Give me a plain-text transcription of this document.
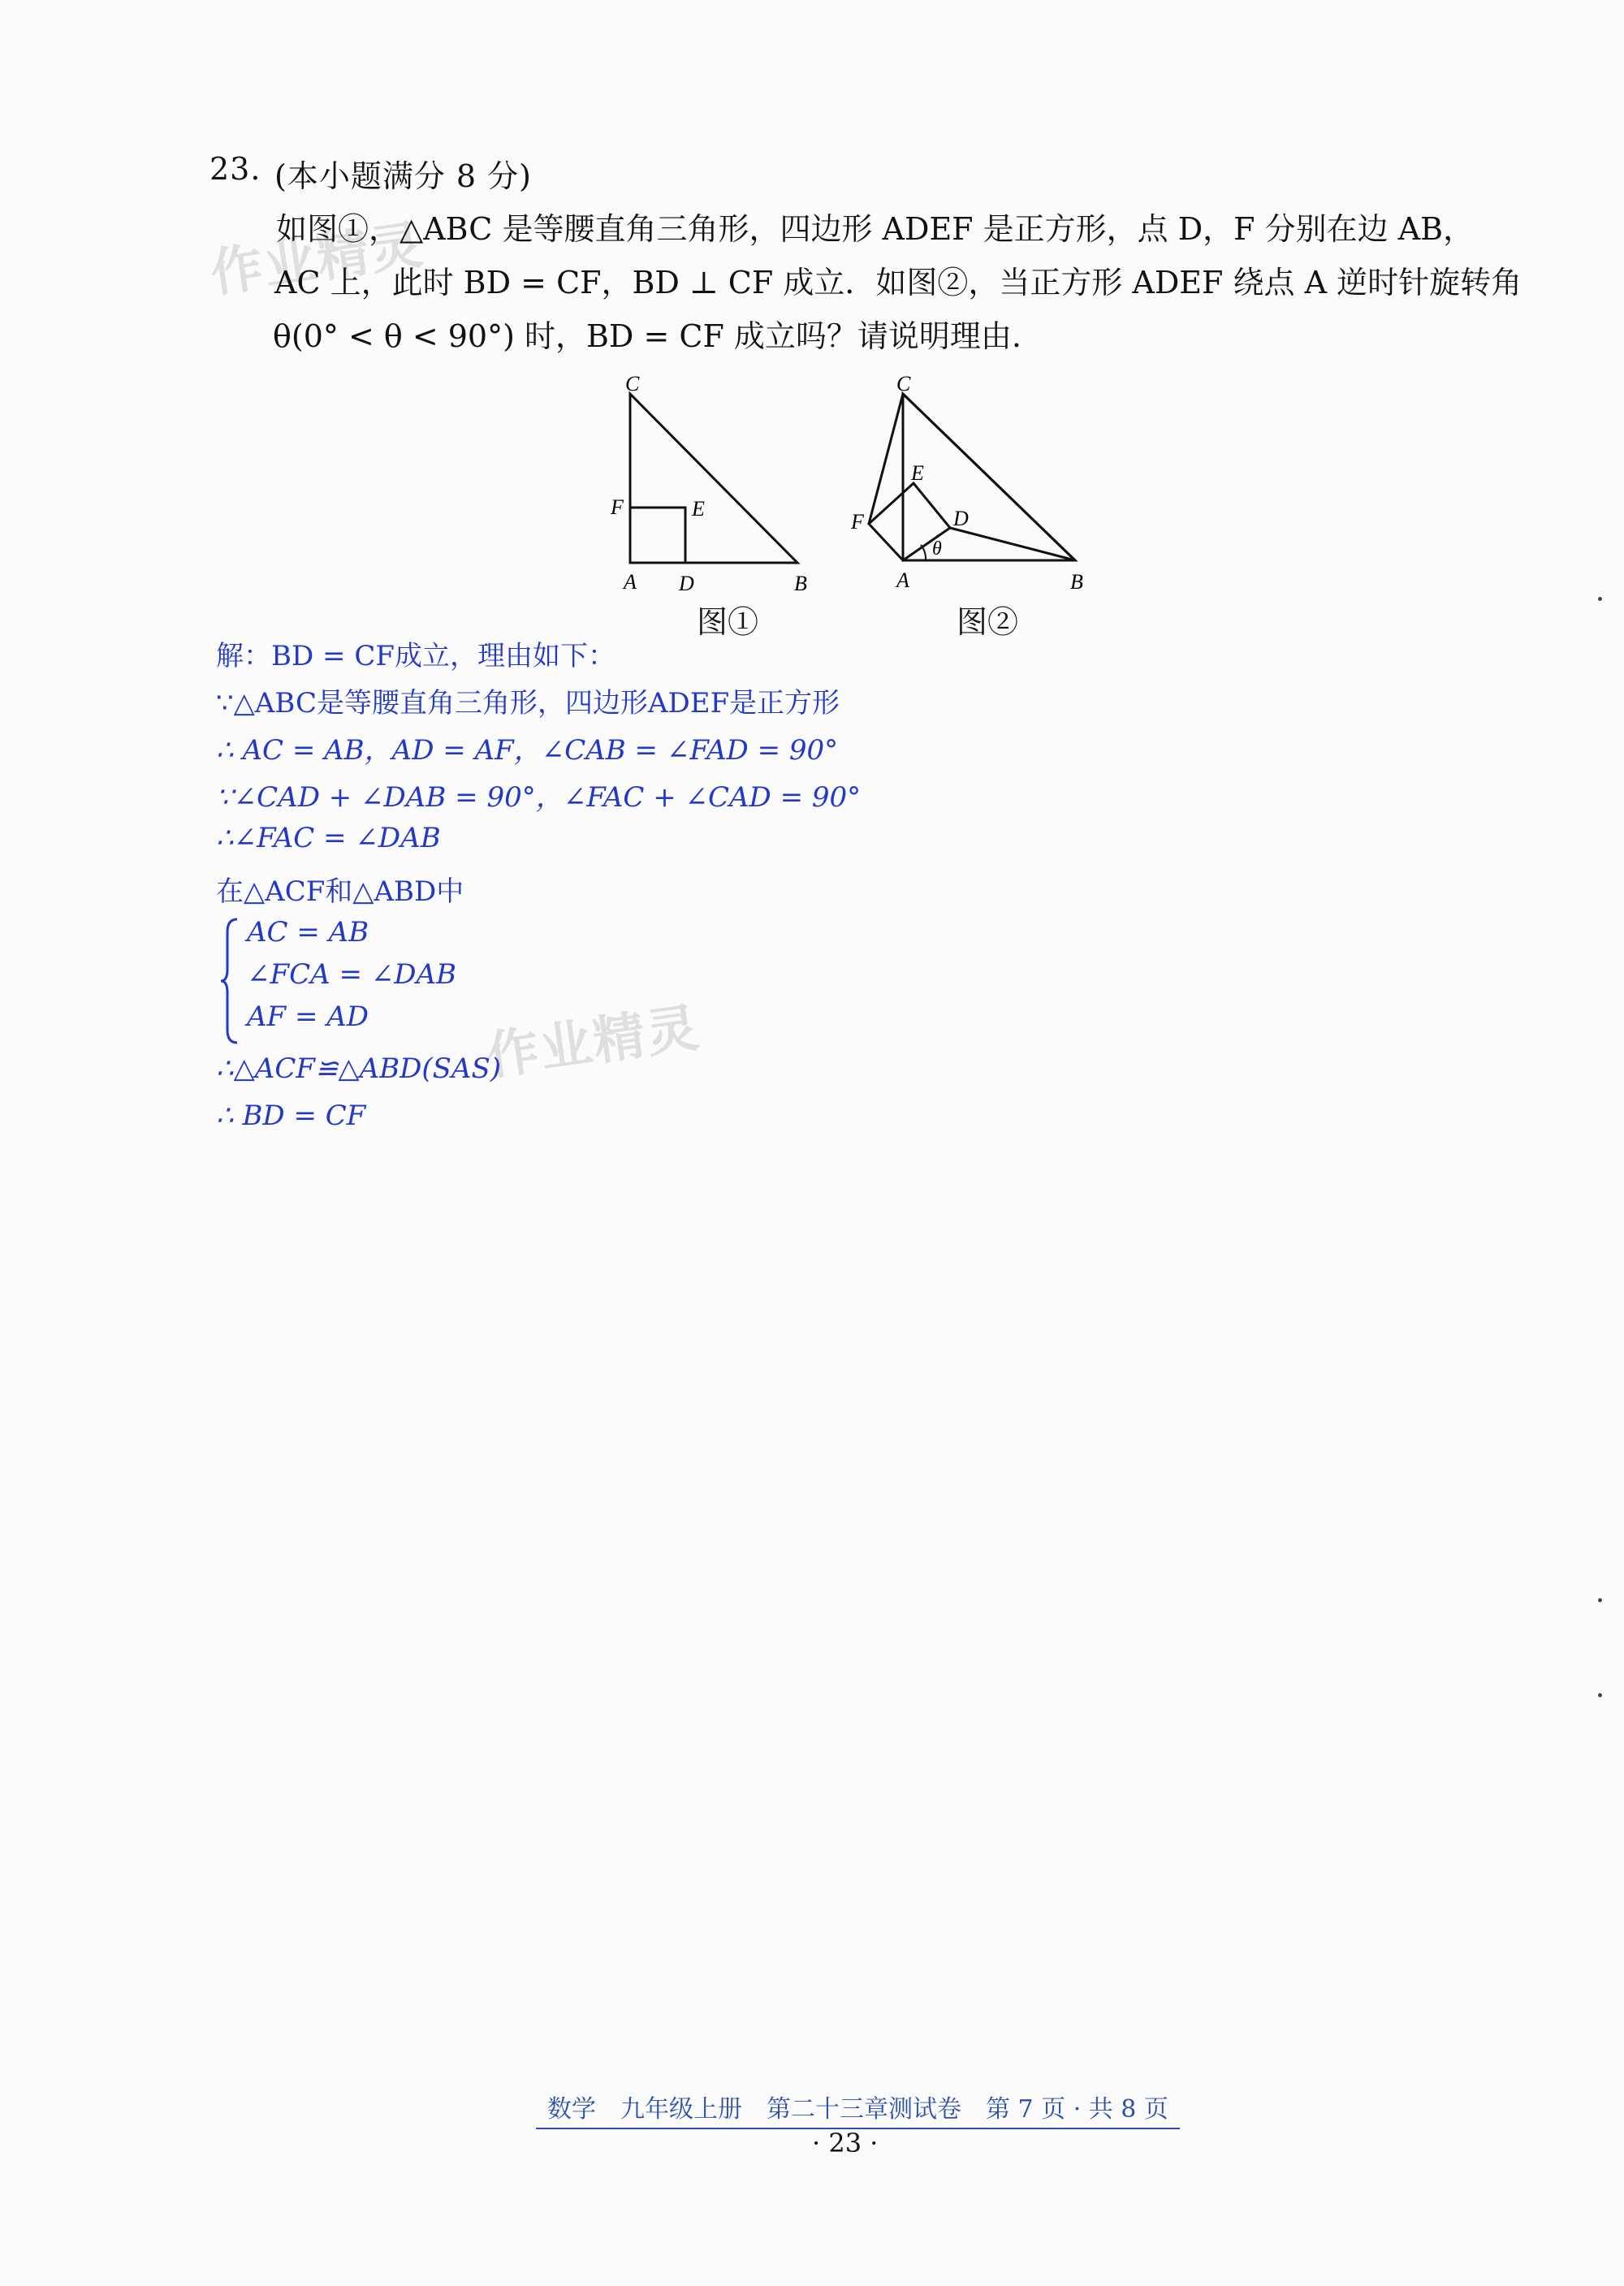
作业精灵
作业精灵
23. (本小题满分 8 分)
如图①，△ABC 是等腰直角三角形，四边形 ADEF 是正方形，点 D，F 分别在边 AB，
AC 上，此时 BD = CF，BD ⊥ CF 成立．如图②，当正方形 ADEF 绕点 A 逆时针旋转角
θ(0° < θ < 90°) 时，BD = CF 成立吗？请说明理由.
C
F	E
A D	B
图①
C
F
E
D
θ
A	B
图②
解：BD = CF成立，理由如下：
∵△ABC是等腰直角三角形，四边形ADEF是正方形
∴ AC = AB，AD = AF，∠CAB = ∠FAD = 90°
∵∠CAD + ∠DAB = 90°，∠FAC + ∠CAD = 90°
∴∠FAC = ∠DAB
在△ACF和△ABD中
AC = AB
∠FCA = ∠DAB
AF = AD
∴△ACF≌△ABD(SAS)
∴ BD = CF
数学　九年级上册　第二十三章测试卷　第 7 页 · 共 8 页
· 23 ·
